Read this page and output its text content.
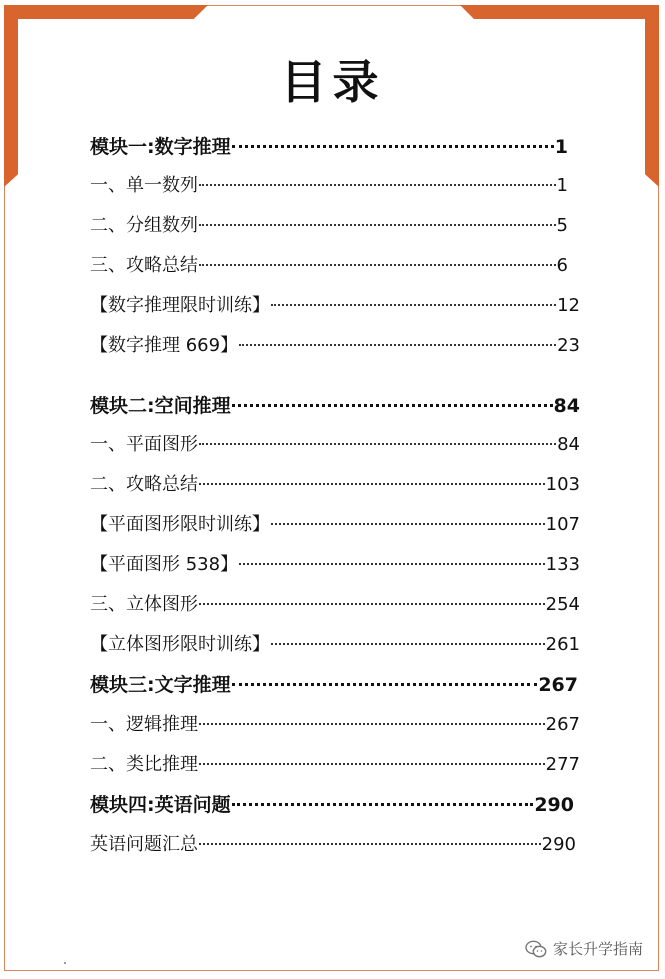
目录
模块一:数字推理	1
一、单一数列	1
二、分组数列	5
三、攻略总结	6
【数字推理限时训练】	12
【数字推理 669】	23
模块二:空间推理	84
一、平面图形	84
二、攻略总结	103
【平面图形限时训练】	107
【平面图形 538】	133
三、立体图形	254
【立体图形限时训练】	261
模块三:文字推理	267
一、逻辑推理	267
二、类比推理	277
模块四:英语问题	290
英语问题汇总	290
家长升学指南
